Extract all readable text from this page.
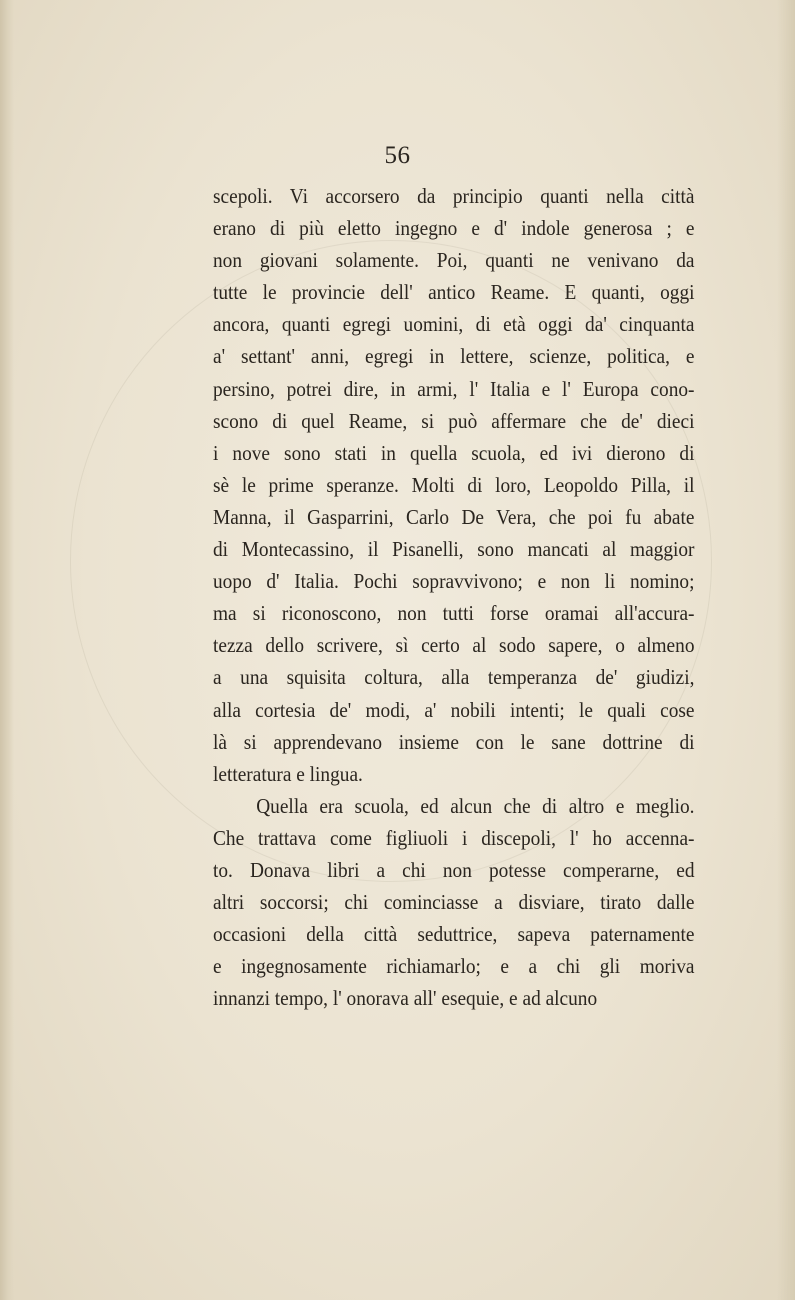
56
scepoli. Vi accorsero da principio quanti nella città
erano di più eletto ingegno e d' indole generosa ; e
non giovani solamente. Poi, quanti ne venivano da
tutte le provincie dell' antico Reame. E quanti, oggi
ancora, quanti egregi uomini, di età oggi da' cinquanta
a' settant' anni, egregi in lettere, scienze, politica, e
persino, potrei dire, in armi, l' Italia e l' Europa cono-
scono di quel Reame, si può affermare che de' dieci
i nove sono stati in quella scuola, ed ivi dierono di
sè le prime speranze. Molti di loro, Leopoldo Pilla, il
Manna, il Gasparrini, Carlo De Vera, che poi fu abate
di Montecassino, il Pisanelli, sono mancati al maggior
uopo d' Italia. Pochi sopravvivono; e non li nomino;
ma si riconoscono, non tutti forse oramai all'accura-
tezza dello scrivere, sì certo al sodo sapere, o almeno
a una squisita coltura, alla temperanza de' giudizi,
alla cortesia de' modi, a' nobili intenti; le quali cose
là si apprendevano insieme con le sane dottrine di
letteratura e lingua.
Quella era scuola, ed alcun che di altro e meglio.
Che trattava come figliuoli i discepoli, l' ho accenna-
to. Donava libri a chi non potesse comperarne, ed
altri soccorsi; chi cominciasse a disviare, tirato dalle
occasioni della città seduttrice, sapeva paternamente
e ingegnosamente richiamarlo; e a chi gli moriva
innanzi tempo, l' onorava all' esequie, e ad alcuno
